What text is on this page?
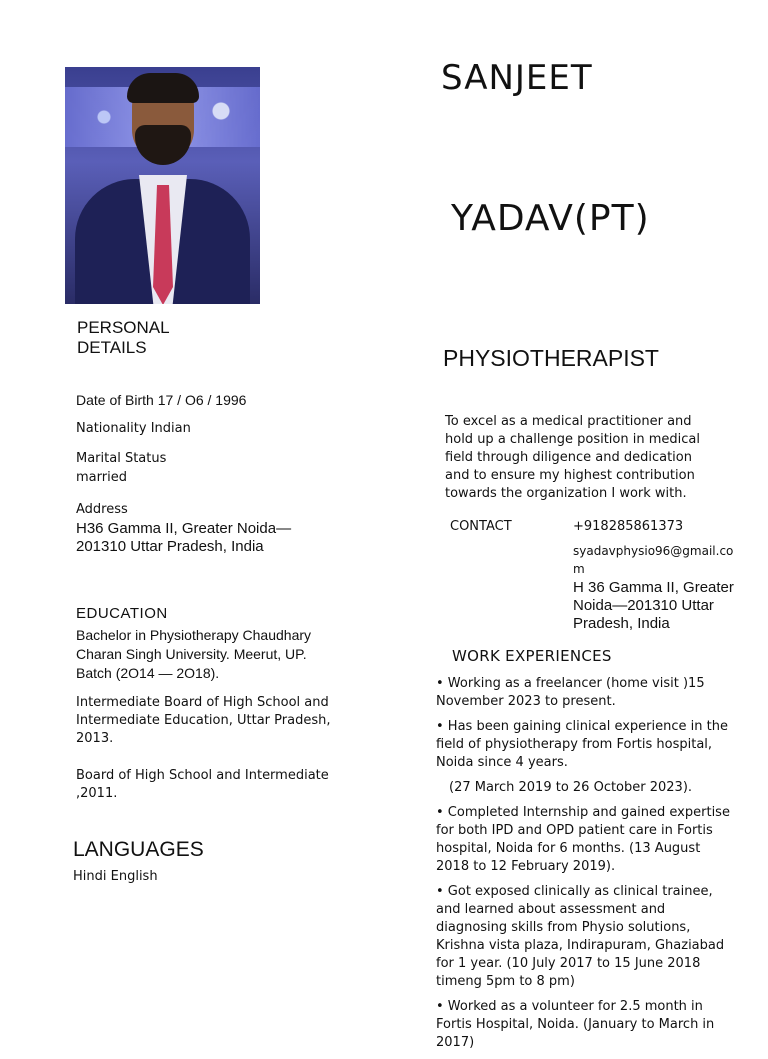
SANJEET
YADAV(PT)
PHYSIOTHERAPIST
PERSONAL DETAILS
Date of Birth 17 / O6 / 1996
Nationality Indian
Marital Status
married
Address
H36 Gamma II, Greater Noida—201310 Uttar Pradesh, India
EDUCATION
Bachelor in Physiotherapy Chaudhary Charan Singh University. Meerut, UP. Batch (2O14 — 2O18).
Intermediate Board of High School and Intermediate Education, Uttar Pradesh, 2013.
Board of High School and Intermediate ,2011.
LANGUAGES
Hindi English
To excel as a medical practitioner and hold up a challenge position in medical field through diligence and dedication and to ensure my highest contribution towards the organization I work with.
CONTACT	+918285861373
syadavphysio96@gmail.com
H 36 Gamma II, Greater Noida—201310 Uttar Pradesh, India
WORK EXPERIENCES

• Working as a freelancer (home visit )15 November 2023 to present.

• Has been gaining clinical experience in the field of physiotherapy from Fortis hospital, Noida since 4 years.

(27 March 2019 to 26 October 2023).

• Completed Internship and gained expertise for both IPD and OPD patient care in Fortis hospital, Noida for 6 months. (13 August 2018 to 12 February 2019).

• Got exposed clinically as clinical trainee, and learned about assessment and diagnosing skills from Physio solutions, Krishna vista plaza, Indirapuram, Ghaziabad for 1 year. (10 July 2017 to 15 June 2018 timeng 5pm to 8 pm)

• Worked as a volunteer for 2.5 month in Fortis Hospital, Noida. (January to March in 2017)
